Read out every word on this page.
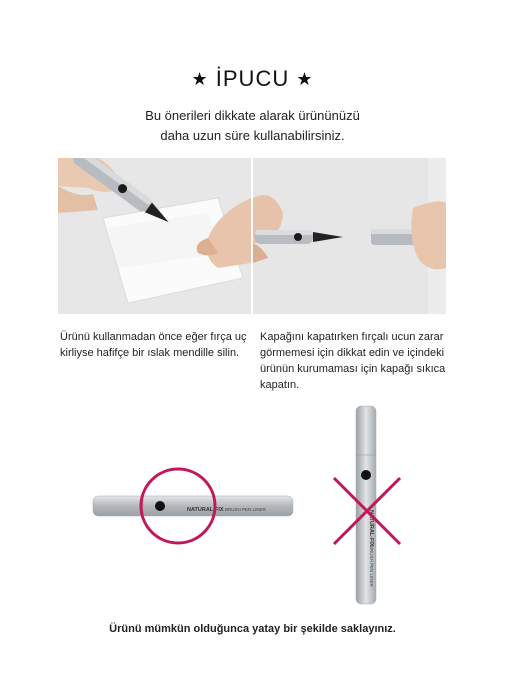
★ İPUCU ★
Bu önerileri dikkate alarak ürününüzü
daha uzun süre kullanabilirsiniz.
Ürünü kullanmadan önce eğer fırça uç
kirliyse hafifçe bir ıslak mendille silin.
Kapağını kapatırken fırçalı ucun zarar
görmemesi için dikkat edin ve içindeki
ürünün kurumaması için kapağı sıkıca
kapatın.
NATURAL-FIX BRUSH PEN LINER
NATURAL-FIX
BRUSH PEN LINER
Ürünü mümkün olduğunca yatay bir şekilde saklayınız.
